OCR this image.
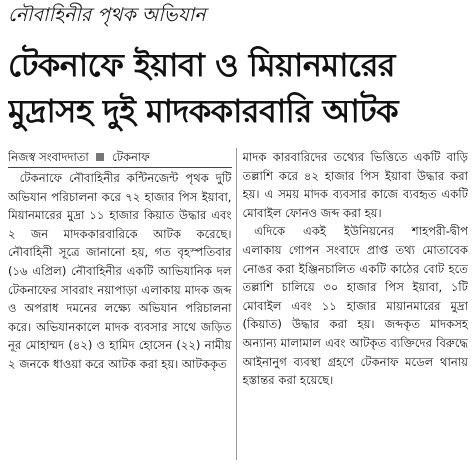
নৌবাহিনীর পৃথক অভিযান
টেকনাফে ইয়াবা ও মিয়ানমারের
মুদ্রাসহ দুই মাদককারবারি আটক
নিজস্ব সংবাদদাতা টেকনাফ

টেকনাফে নৌবাহিনীর কন্টিনজেন্ট পৃথক দুটি অভিযান পরিচালনা করে ৭২ হাজার পিস ইয়াবা, মিয়ানমারের মুদ্রা ১১ হাজার কিয়াত উদ্ধার এবং ২ জন মাদককারবারিকে আটক করেছে। নৌবাহিনী সূত্রে জানানো হয়, গত বৃহস্পতিবার (১৬ এপ্রিল) নৌবাহিনীর একটি আভিযানিক দল টেকনাফের সাবরাং নয়াপাড়া এলাকায় মাদক জব্দ ও অপরাধ দমনের লক্ষ্যে অভিযান পরিচালনা করে। অভিযানকালে মাদক ব্যবসার সাথে জড়িত নূর মোহাম্মদ (৪২) ও হামিদ হোসেন (২২) নামীয় ২ জনকে ধাওয়া করে আটক করা হয়। আটককৃত

মাদক কারবারিদের তথ্যের ভিত্তিতে একটি বাড়ি তল্লাশি করে ৪২ হাজার পিস ইয়াবা উদ্ধার করা হয়। এ সময় মাদক ব্যবসার কাজে ব্যবহৃত একটি মোবাইল ফোনও জব্দ করা হয়।

এদিকে একই ইউনিয়নের শাহপরী-দ্বীপ এলাকায় গোপন সংবাদে প্রাপ্ত তথ্য মোতাবেক নোঙর করা ইঞ্জিনচালিত একটি কাঠের বোট হতে তল্লাশি চালিয়ে ৩০ হাজার পিস ইয়াবা, ১টি মোবাইল এবং ১১ হাজার মায়ানমারের মুদ্রা (কিয়াত) উদ্ধার করা হয়। জব্দকৃত মাদকসহ অন্যান্য মালামাল এবং আটকৃত ব্যক্তিদের বিরুদ্ধে আইনানুগ ব্যবস্থা গ্রহণে টেকনাফ মডেল থানায় হস্তান্তর করা হয়েছে।
